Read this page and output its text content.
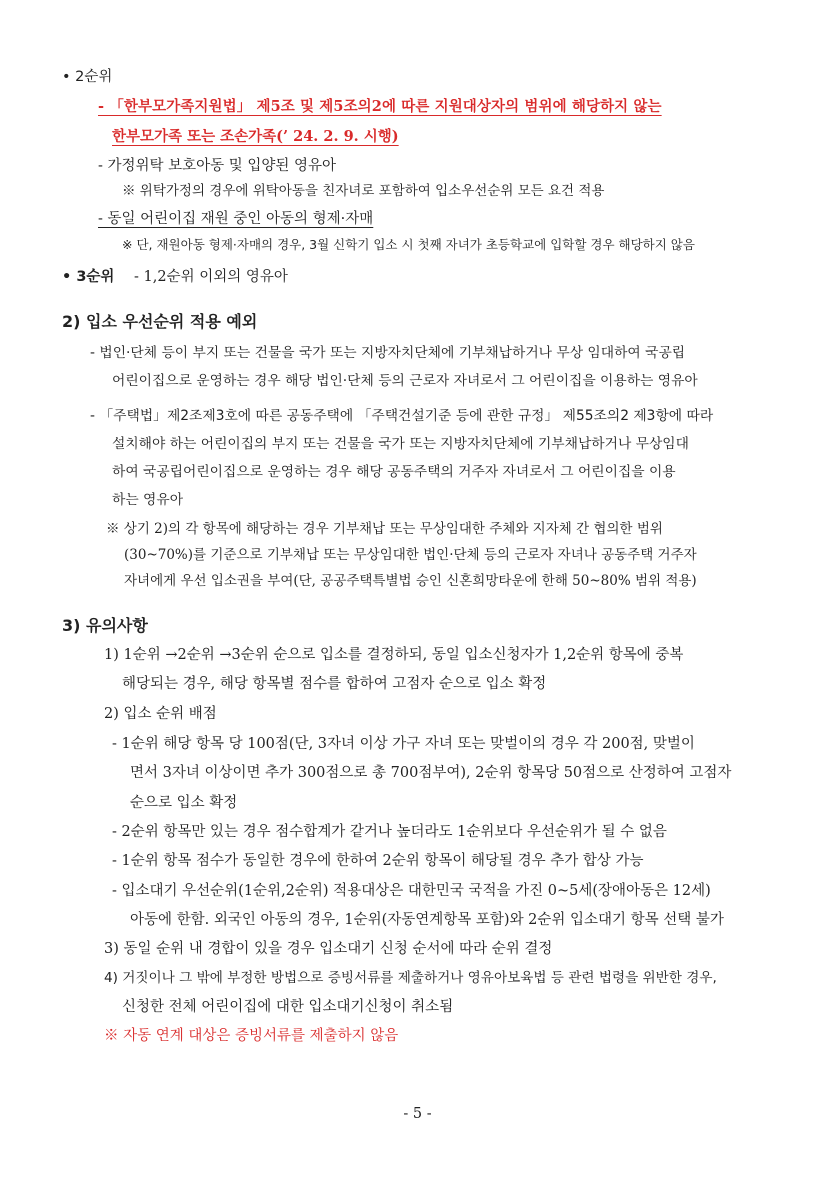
• 2순위
- 「한부모가족지원법」 제5조 및 제5조의2에 따른 지원대상자의 범위에 해당하지 않는
한부모가족 또는 조손가족(’ 24. 2. 9. 시행)
- 가정위탁 보호아동 및 입양된 영유아
※ 위탁가정의 경우에 위탁아동을 친자녀로 포함하여 입소우선순위 모든 요건 적용
- 동일 어린이집 재원 중인 아동의 형제·자매
※ 단, 재원아동 형제·자매의 경우, 3월 신학기 입소 시 첫째 자녀가 초등학교에 입학할 경우 해당하지 않음
• 3순위 - 1,2순위 이외의 영유아
2) 입소 우선순위 적용 예외
- 법인·단체 등이 부지 또는 건물을 국가 또는 지방자치단체에 기부채납하거나 무상 임대하여 국공립
어린이집으로 운영하는 경우 해당 법인·단체 등의 근로자 자녀로서 그 어린이집을 이용하는 영유아
- 「주택법」제2조제3호에 따른 공동주택에 「주택건설기준 등에 관한 규정」 제55조의2 제3항에 따라
설치해야 하는 어린이집의 부지 또는 건물을 국가 또는 지방자치단체에 기부채납하거나 무상임대
하여 국공립어린이집으로 운영하는 경우 해당 공동주택의 거주자 자녀로서 그 어린이집을 이용
하는 영유아
※ 상기 2)의 각 항목에 해당하는 경우 기부채납 또는 무상임대한 주체와 지자체 간 협의한 범위
(30~70%)를 기준으로 기부채납 또는 무상임대한 법인·단체 등의 근로자 자녀나 공동주택 거주자
자녀에게 우선 입소권을 부여(단, 공공주택특별법 승인 신혼희망타운에 한해 50~80% 범위 적용)
3) 유의사항
1) 1순위 →2순위 →3순위 순으로 입소를 결정하되, 동일 입소신청자가 1,2순위 항목에 중복
해당되는 경우, 해당 항목별 점수를 합하여 고점자 순으로 입소 확정
2) 입소 순위 배점
- 1순위 해당 항목 당 100점(단, 3자녀 이상 가구 자녀 또는 맞벌이의 경우 각 200점, 맞벌이
면서 3자녀 이상이면 추가 300점으로 총 700점부여), 2순위 항목당 50점으로 산정하여 고점자
순으로 입소 확정
- 2순위 항목만 있는 경우 점수합계가 같거나 높더라도 1순위보다 우선순위가 될 수 없음
- 1순위 항목 점수가 동일한 경우에 한하여 2순위 항목이 해당될 경우 추가 합상 가능
- 입소대기 우선순위(1순위,2순위) 적용대상은 대한민국 국적을 가진 0~5세(장애아동은 12세)
아동에 한함. 외국인 아동의 경우, 1순위(자동연계항목 포함)와 2순위 입소대기 항목 선택 불가
3) 동일 순위 내 경합이 있을 경우 입소대기 신청 순서에 따라 순위 결정
4) 거짓이나 그 밖에 부정한 방법으로 증빙서류를 제출하거나 영유아보육법 등 관련 법령을 위반한 경우,
신청한 전체 어린이집에 대한 입소대기신청이 취소됨
※ 자동 연계 대상은 증빙서류를 제출하지 않음
- 5 -
